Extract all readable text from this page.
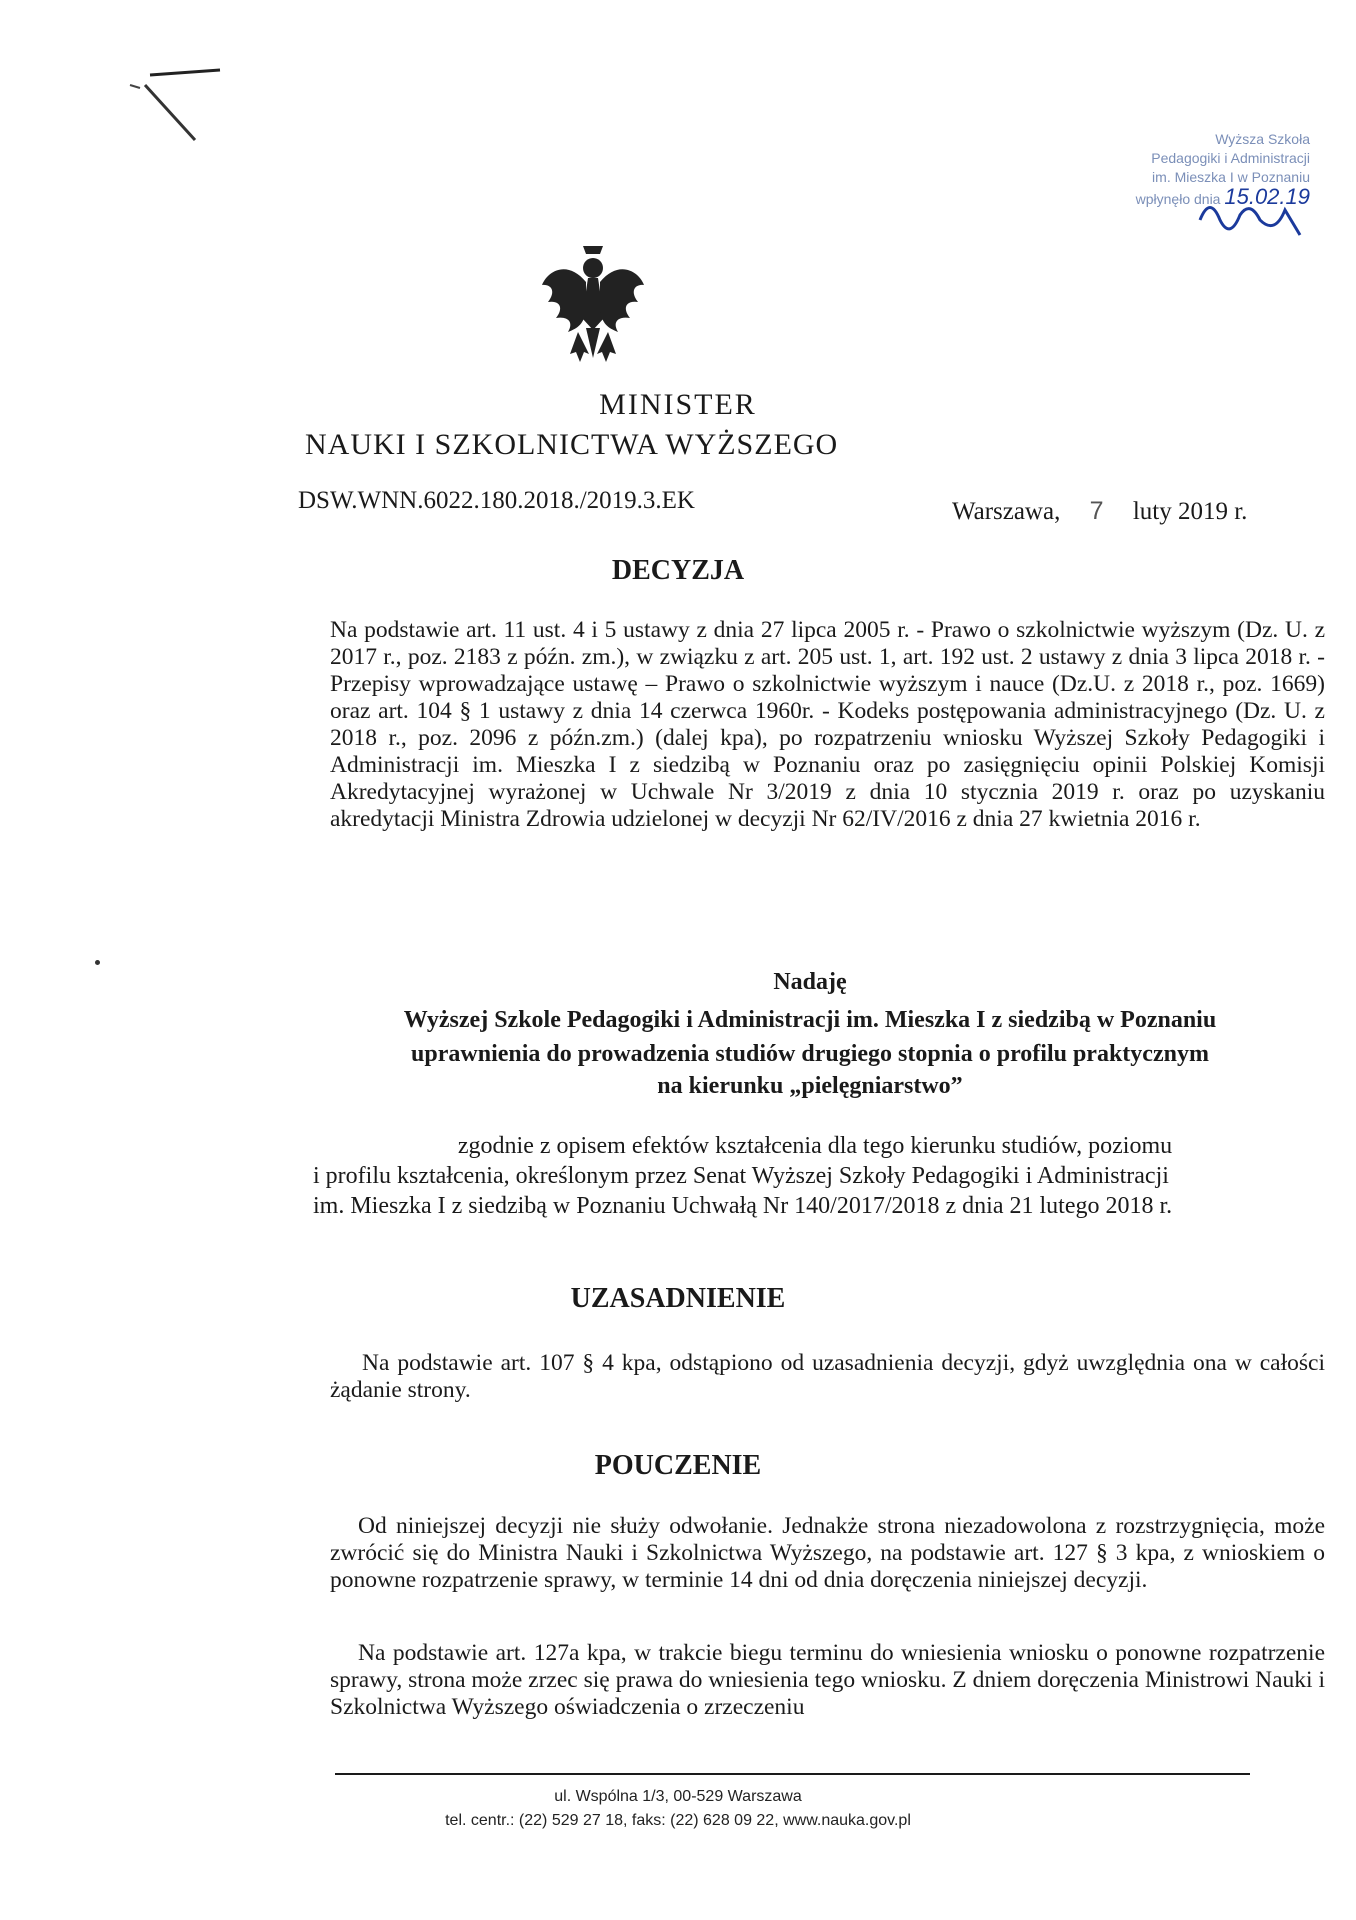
Wyższa Szkoła
Pedagogiki i Administracji
im. Mieszka I w Poznaniu
wpłynęło dnia 15.02.19
MINISTER
NAUKI I SZKOLNICTWA WYŻSZEGO
DSW.WNN.6022.180.2018./2019.3.EK	Warszawa, 7 luty 2019 r.
DECYZJA
Na podstawie art. 11 ust. 4 i 5 ustawy z dnia 27 lipca 2005 r. - Prawo o szkolnictwie wyższym (Dz. U. z 2017 r., poz. 2183 z późn. zm.), w związku z art. 205 ust. 1, art. 192 ust. 2 ustawy z dnia 3 lipca 2018 r. - Przepisy wprowadzające ustawę – Prawo o szkolnictwie wyższym i nauce (Dz.U. z 2018 r., poz. 1669) oraz art. 104 § 1 ustawy z dnia 14 czerwca 1960r. - Kodeks postępowania administracyjnego (Dz. U. z 2018 r., poz. 2096 z późn.zm.) (dalej kpa), po rozpatrzeniu wniosku Wyższej Szkoły Pedagogiki i Administracji im. Mieszka I z siedzibą w Poznaniu oraz po zasięgnięciu opinii Polskiej Komisji Akredytacyjnej wyrażonej w Uchwale Nr 3/2019 z dnia 10 stycznia 2019 r. oraz po uzyskaniu akredytacji Ministra Zdrowia udzielonej w decyzji Nr 62/IV/2016 z dnia 27 kwietnia 2016 r.
Nadaję
Wyższej Szkole Pedagogiki i Administracji im. Mieszka I z siedzibą w Poznaniu
uprawnienia do prowadzenia studiów drugiego stopnia o profilu praktycznym
na kierunku „pielęgniarstwo”
zgodnie z opisem efektów kształcenia dla tego kierunku studiów, poziomu
i profilu kształcenia, określonym przez Senat Wyższej Szkoły Pedagogiki i Administracji
im. Mieszka I z siedzibą w Poznaniu Uchwałą Nr 140/2017/2018 z dnia 21 lutego 2018 r.
UZASADNIENIE
Na podstawie art. 107 § 4 kpa, odstąpiono od uzasadnienia decyzji, gdyż uwzględnia ona w całości żądanie strony.
POUCZENIE
Od niniejszej decyzji nie służy odwołanie. Jednakże strona niezadowolona z rozstrzygnięcia, może zwrócić się do Ministra Nauki i Szkolnictwa Wyższego, na podstawie art. 127 § 3 kpa, z wnioskiem o ponowne rozpatrzenie sprawy, w terminie 14 dni od dnia doręczenia niniejszej decyzji.
Na podstawie art. 127a kpa, w trakcie biegu terminu do wniesienia wniosku o ponowne rozpatrzenie sprawy, strona może zrzec się prawa do wniesienia tego wniosku. Z dniem doręczenia Ministrowi Nauki i Szkolnictwa Wyższego oświadczenia o zrzeczeniu
ul. Wspólna 1/3, 00-529 Warszawa
tel. centr.: (22) 529 27 18, faks: (22) 628 09 22, www.nauka.gov.pl
